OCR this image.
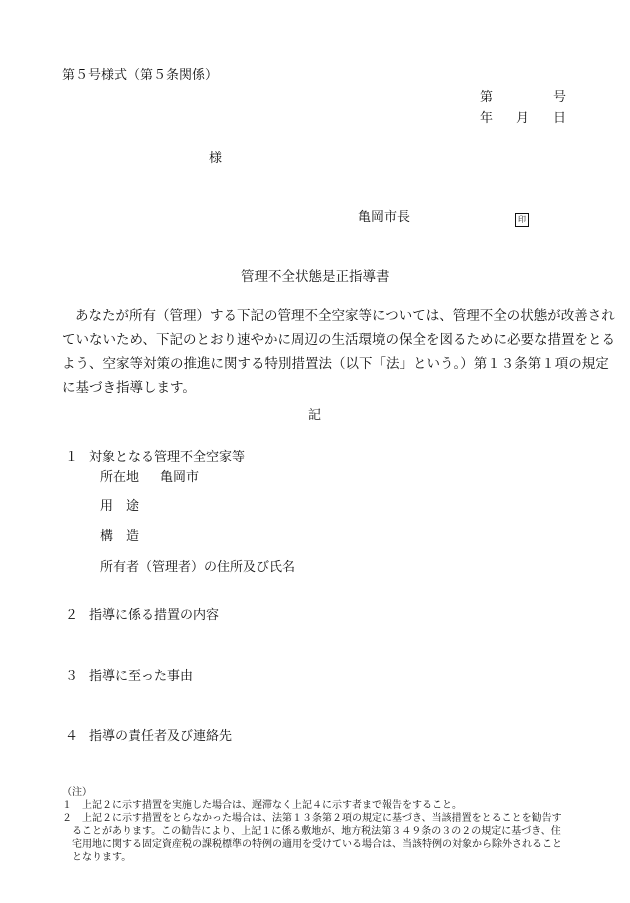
第５号様式（第５条関係）
第	号
年 月 日
様
亀岡市長	印
管理不全状態是正指導書
あなたが所有（管理）する下記の管理不全空家等については、管理不全の状態が改善され
ていないため、下記のとおり速やかに周辺の生活環境の保全を図るために必要な措置をとる
よう、空家等対策の推進に関する特別措置法（以下「法」という。）第１３条第１項の規定
に基づき指導します。
記
１ 対象となる管理不全空家等
所在地 亀岡市
用　途
構　造
所有者（管理者）の住所及び氏名
２ 指導に係る措置の内容
３ 指導に至った事由
４ 指導の責任者及び連絡先
（注）
１　上記２に示す措置を実施した場合は、遅滞なく上記４に示す者まで報告をすること。
２　上記２に示す措置をとらなかった場合は、法第１３条第２項の規定に基づき、当該措置をとることを勧告す
　ることがあります。この勧告により、上記１に係る敷地が、地方税法第３４９条の３の２の規定に基づき、住
　宅用地に関する固定資産税の課税標準の特例の適用を受けている場合は、当該特例の対象から除外されること
　となります。
